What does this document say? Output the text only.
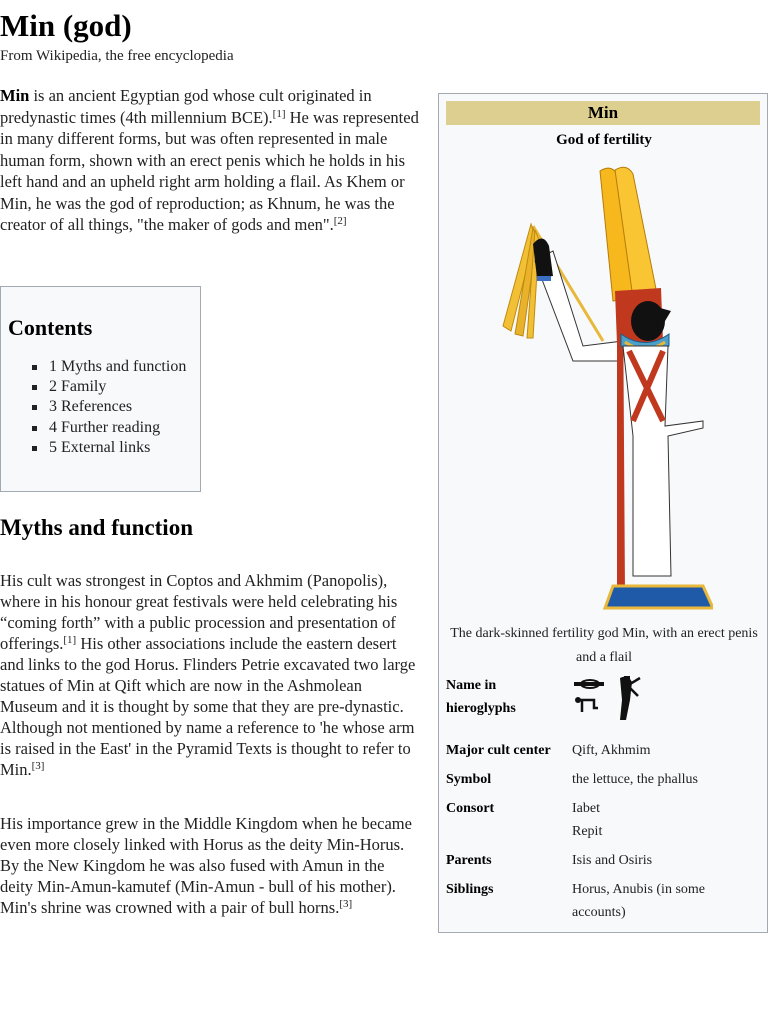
Min (god)
From Wikipedia, the free encyclopedia

Min is an ancient Egyptian god whose cult originated in predynastic times (4th millennium BCE).[1] He was represented in many different forms, but was often represented in male human form, shown with an erect penis which he holds in his left hand and an upheld right arm holding a flail. As Khem or Min, he was the god of reproduction; as Khnum, he was the creator of all things, "the maker of gods and men".[2]

Contents
1 Myths and function
2 Family
3 References
4 Further reading
5 External links
Myths and function

His cult was strongest in Coptos and Akhmim (Panopolis), where in his honour great festivals were held celebrating his “coming forth” with a public procession and presentation of offerings.[1] His other associations include the eastern desert and links to the god Horus. Flinders Petrie excavated two large statues of Min at Qift which are now in the Ashmolean Museum and it is thought by some that they are pre-dynastic. Although not mentioned by name a reference to 'he whose arm is raised in the East' in the Pyramid Texts is thought to refer to Min.[3]

His importance grew in the Middle Kingdom when he became even more closely linked with Horus as the deity Min-Horus. By the New Kingdom he was also fused with Amun in the deity Min-Amun-kamutef (Min-Amun - bull of his mother). Min's shrine was crowned with a pair of bull horns.[3]

Min
God of fertility
The dark-skinned fertility god Min, with an erect penis and a flail
Name in hieroglyphs
Major cult center	Qift, Akhmim
Symbol	the lettuce, the phallus
Consort	Iabet
Repit
Parents	Isis and Osiris
Siblings	Horus, Anubis (in some accounts)
